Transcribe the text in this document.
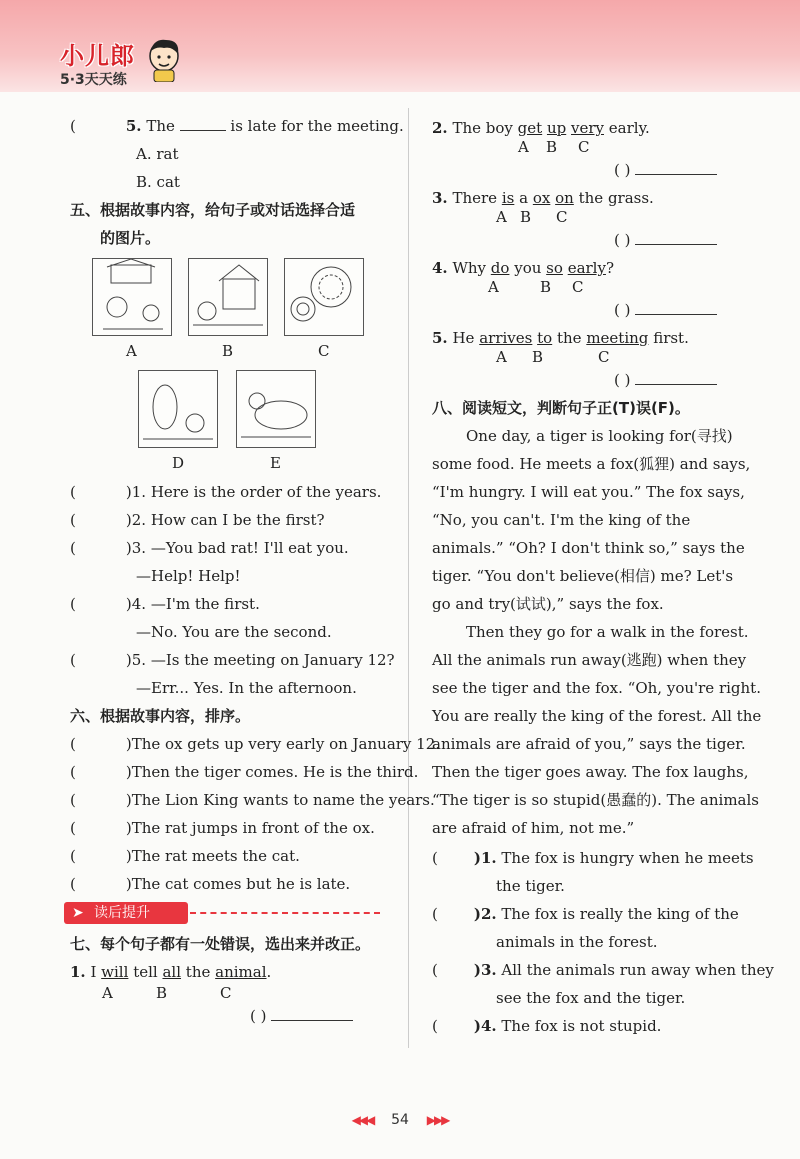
小儿郎
5·3天天练
(	5. The	is late for the meeting.
A. rat
B. cat
五、根据故事内容，给句子或对话选择合适
的图片。
A	B	C
D	E
(	)1. Here is the order of the years.
(	)2. How can I be the first?
(	)3. —You bad rat! I'll eat you.
—Help! Help!
(	)4. —I'm the first.
—No. You are the second.
(	)5. —Is the meeting on January 12?
—Err... Yes. In the afternoon.
六、根据故事内容，排序。
(	)The ox gets up very early on January 12.
(	)Then the tiger comes. He is the third.
(	)The Lion King wants to name the years.
(	)The rat jumps in front of the ox.
(	)The rat meets the cat.
(	)The cat comes but he is late.
➤ 读后提升
七、每个句子都有一处错误，选出来并改正。
1. I will tell all the animal.
A	B	C
( )
2. The boy get up very early.
A B C
( )
3. There is a ox on the grass.
A B C
( )
4. Why do you so early?
A	B C
( )
5. He arrives to the meeting first.
A B	C
( )
八、阅读短文，判断句子正(T)误(F)。
One day, a tiger is looking for(寻找)
some food. He meets a fox(狐狸) and says,
“I'm hungry. I will eat you.” The fox says,
“No, you can't. I'm the king of the
animals.” “Oh? I don't think so,” says the
tiger. “You don't believe(相信) me? Let's
go and try(试试),” says the fox.
Then they go for a walk in the forest.
All the animals run away(逃跑) when they
see the tiger and the fox. “Oh, you're right.
You are really the king of the forest. All the
animals are afraid of you,” says the tiger.
Then the tiger goes away. The fox laughs,
“The tiger is so stupid(愚蠢的). The animals
are afraid of him, not me.”
( )1. The fox is hungry when he meets
the tiger.
( )2. The fox is really the king of the
animals in the forest.
( )3. All the animals run away when they
see the fox and the tiger.
( )4. The fox is not stupid.
◀◀◀ 54 ▶▶▶
